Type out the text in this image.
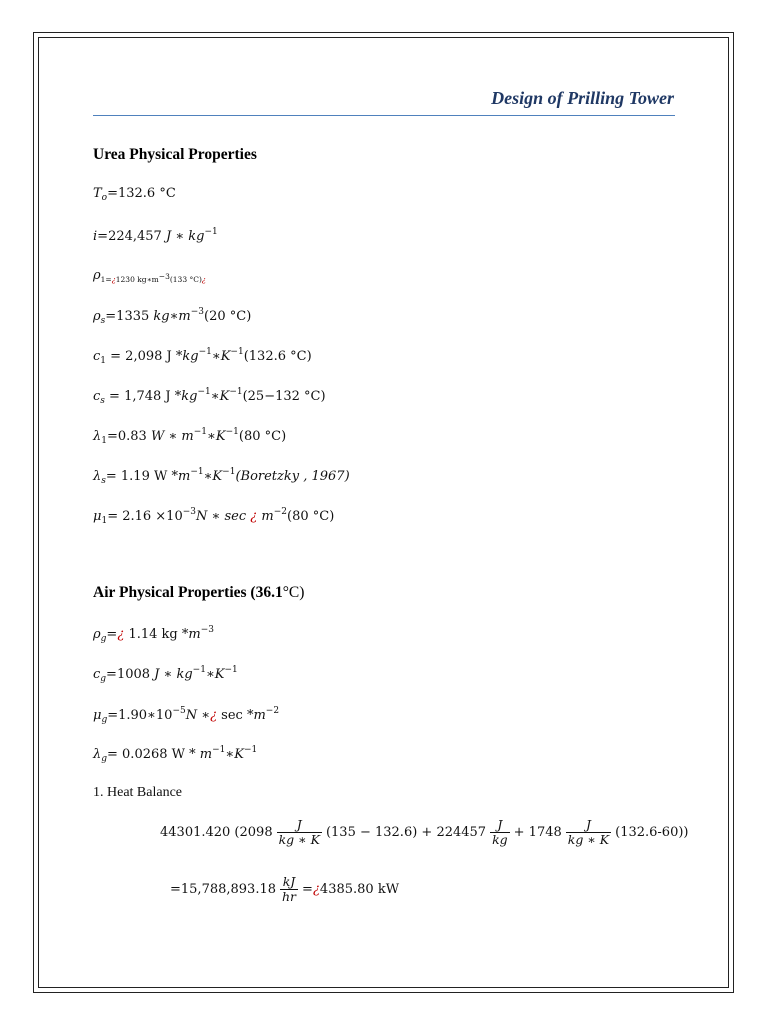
Design of Prilling Tower
Urea Physical Properties
$T_o=132.6$ °C
i=224,457 J ∗ $kg^{-1}$
$\rho_{1=¿1230 kg∗m}-3_{(133 ^\circ C)¿}$
$\rho_s=1335$ $kg∗m^{-3}(20$ °C)
$c_1 = 2,098$ J $*kg^{-1}∗K^{-1}(132.6$ °C)
$c_s = 1,748$ J $*kg^{-1}∗K^{-1}(25-132$ °C)
$\lambda_1=0.83$ W ∗ $m^{-1}∗K^{-1}(80$ °C)
$\lambda_s= 1.19$ W $*m^{-1}∗K^{-1}(Boretzky$ , 1967)
$\mu_1= 2.16 \times 10^{-3}N$ ∗ sec ¿ $m^{-2}(80$ °C)
Air Physical Properties (36.1°C)
$\rho_g=¿$ 1.14 kg $*m^{-3}$
$c_g=1008$ J ∗ $kg^{-1}∗K^{-1}$
$\mu_g=1.90∗10^{-5}N$ ∗¿ $\sec *m^{-2}$
$\lambda_g= 0.0268$ W * $m^{-1}∗K^{-1}$
1. Heat Balance
44301.420 $(2098 \frac{J}{kg ∗ K} (135 - 132.6) + 224457 \frac{J}{kg} + 1748 \frac{J}{kg ∗ K} (132.6-60))$
$=15,788,893.18 \frac{kJ}{hr}$ = ¿ 4385.80 kW
